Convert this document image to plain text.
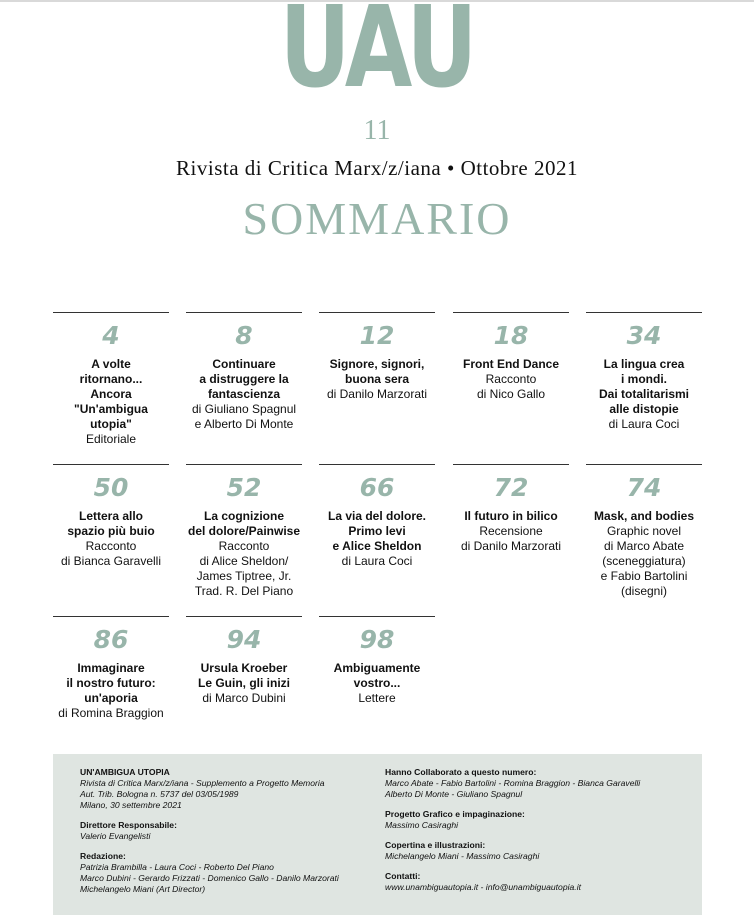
UAU
11
Rivista di Critica Marx/z/iana • Ottobre 2021
SOMMARIO
4
A volte
ritornano...
Ancora
"Un'ambigua
utopia"
Editoriale
8
Continuare
a distruggere la
fantascienza
di Giuliano Spagnul
e Alberto Di Monte
12
Signore, signori,
buona sera
di Danilo Marzorati
18
Front End Dance
Racconto
di Nico Gallo
34
La lingua crea
i mondi.
Dai totalitarismi
alle distopie
di Laura Coci
50
Lettera allo
spazio più buio
Racconto
di Bianca Garavelli
52
La cognizione
del dolore/Painwise
Racconto
di Alice Sheldon/
James Tiptree, Jr.
Trad. R. Del Piano
66
La via del dolore.
Primo levi
e Alice Sheldon
di Laura Coci
72
Il futuro in bilico
Recensione
di Danilo Marzorati
74
Mask, and bodies
Graphic novel
di Marco Abate
(sceneggiatura)
e Fabio Bartolini
(disegni)
86
Immaginare
il nostro futuro:
un'aporia
di Romina Braggion
94
Ursula Kroeber
Le Guin, gli inizi
di Marco Dubini
98
Ambiguamente
vostro...
Lettere
UN'AMBIGUA UTOPIA
Rivista di Critica Marx/z/iana - Supplemento a Progetto Memoria
Aut. Trib. Bologna n. 5737 del 03/05/1989
Milano, 30 settembre 2021
Direttore Responsabile:
Valerio Evangelisti
Redazione:
Patrizia Brambilla - Laura Coci - Roberto Del Piano
Marco Dubini - Gerardo Frizzati - Domenico Gallo - Danilo Marzorati
Michelangelo Miani (Art Director)
Hanno Collaborato a questo numero:
Marco Abate - Fabio Bartolini - Romina Braggion - Bianca Garavelli
Alberto Di Monte - Giuliano Spagnul
Progetto Grafico e impaginazione:
Massimo Casiraghi
Copertina e illustrazioni:
Michelangelo Miani - Massimo Casiraghi
Contatti:
www.unambiguautopia.it - info@unambiguautopia.it
